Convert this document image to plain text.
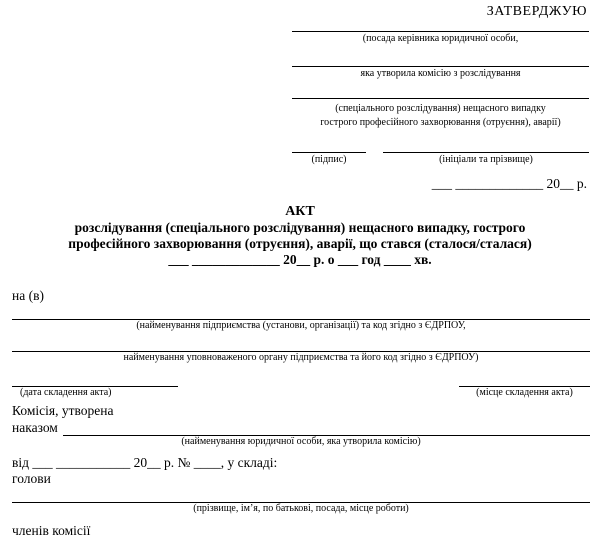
ЗАТВЕРДЖУЮ
(посада керівника юридичної особи,
яка утворила комісію з розслідування
(спеціального розслідування) нещасного випадку
гострого професійного захворювання (отруєння), аварії)
(підпис)	(ініціали та прізвище)
___ _____________ 20__ р.
АКТ
розслідування (спеціального розслідування) нещасного випадку, гострого
професійного захворювання (отруєння), аварії, що стався (сталося/сталася)
___ _____________ 20__ р. о ___ год ____ хв.
на (в)
(найменування підприємства (установи, організації) та код згідно з ЄДРПОУ,
найменування уповноваженого органу підприємства та його код згідно з ЄДРПОУ)
(дата складення акта)	(місце складення акта)
Комісія, утворена
наказом
(найменування юридичної особи, яка утворила комісію)
від ___ ___________ 20__ р. № ____, у складі:
голови
(прізвище, ім’я, по батькові, посада, місце роботи)
членів комісії
